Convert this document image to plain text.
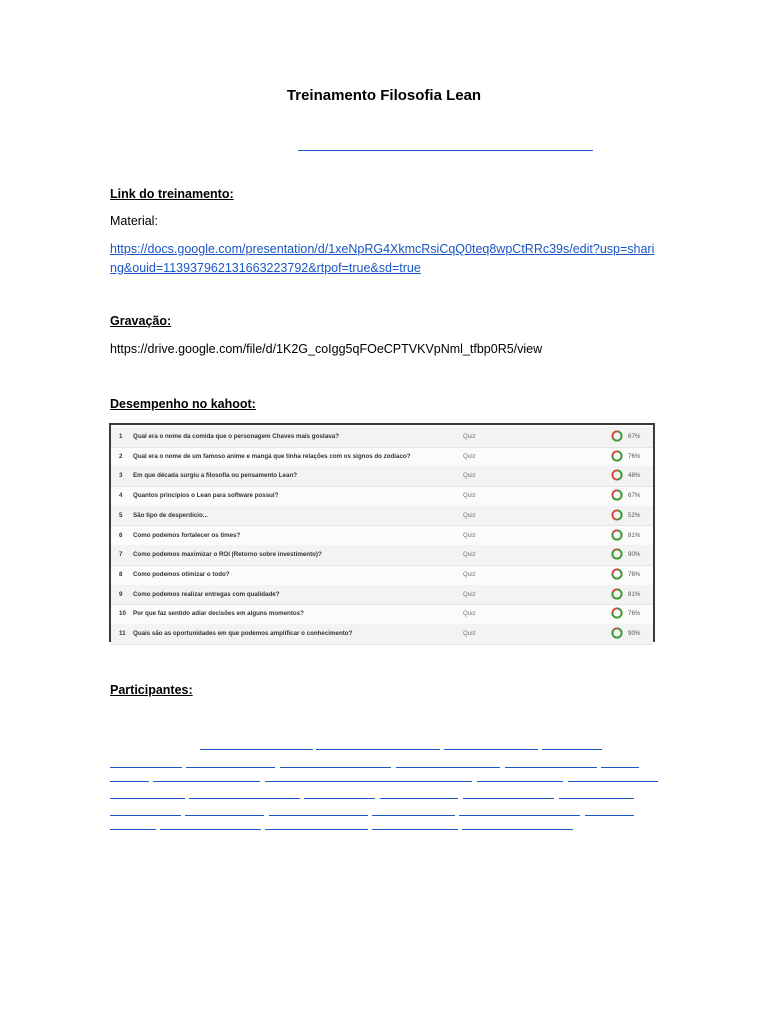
Treinamento Filosofia Lean
Link do treinamento:
Material:
https://docs.google.com/presentation/d/1xeNpRG4XkmcRsiCqQ0teq8wpCtRRc39s/edit?usp=sharing&ouid=113937962131663223792&rtpof=true&sd=true
Gravação:
https://drive.google.com/file/d/1K2G_coIgg5qFOeCPTVKVpNml_tfbp0R5/view
Desempenho no kahoot:
1 Qual era o nome da comida que o personagem Chaves mais gostava?	Quiz	67%
2 Qual era o nome de um famoso anime e mangá que tinha relações com os signos do zodíaco?	Quiz	76%
3 Em que década surgiu a filosofia ou pensamento Lean?	Quiz	48%
4 Quantos princípios o Lean para software possui?	Quiz	67%
5 São tipo de desperdício...	Quiz	52%
6 Como podemos fortalecer os times?	Quiz	81%
7 Como podemos maximizar o ROI (Retorno sobre investimento)?	Quiz	90%
8 Como podemos otimizar o todo?	Quiz	76%
9 Como podemos realizar entregas com qualidade?	Quiz	81%
10 Por que faz sentido adiar decisões em alguns momentos?	Quiz	76%
11 Quais são as oportunidades em que podemos amplificar o conhecimento?	Quiz	90%
Participantes:
